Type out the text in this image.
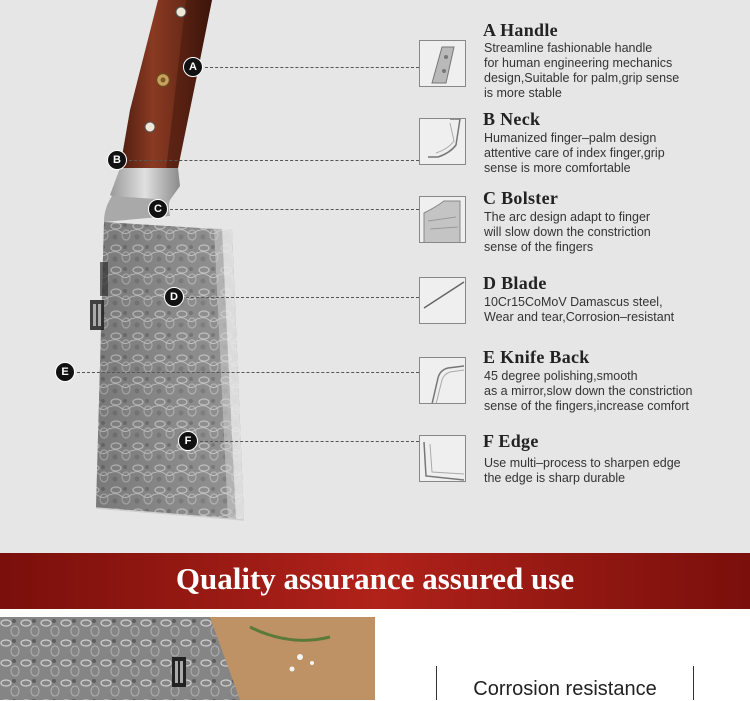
A
B
C
D
E
F
A Handle
Streamline fashionable handle
for human engineering mechanics
design,Suitable for palm,grip sense
is more stable
B Neck
Humanized finger–palm design
attentive care of index finger,grip
sense is more comfortable
C Bolster
The arc design adapt to finger
will slow down the constriction
sense of the fingers
D Blade
10Cr15CoMoV Damascus steel,
Wear and tear,Corrosion–resistant
E Knife Back
45 degree polishing,smooth
as a mirror,slow down the constriction
sense of the fingers,increase comfort
F Edge
Use multi–process to sharpen edge
the edge is sharp durable
Quality assurance assured use
Corrosion resistance
